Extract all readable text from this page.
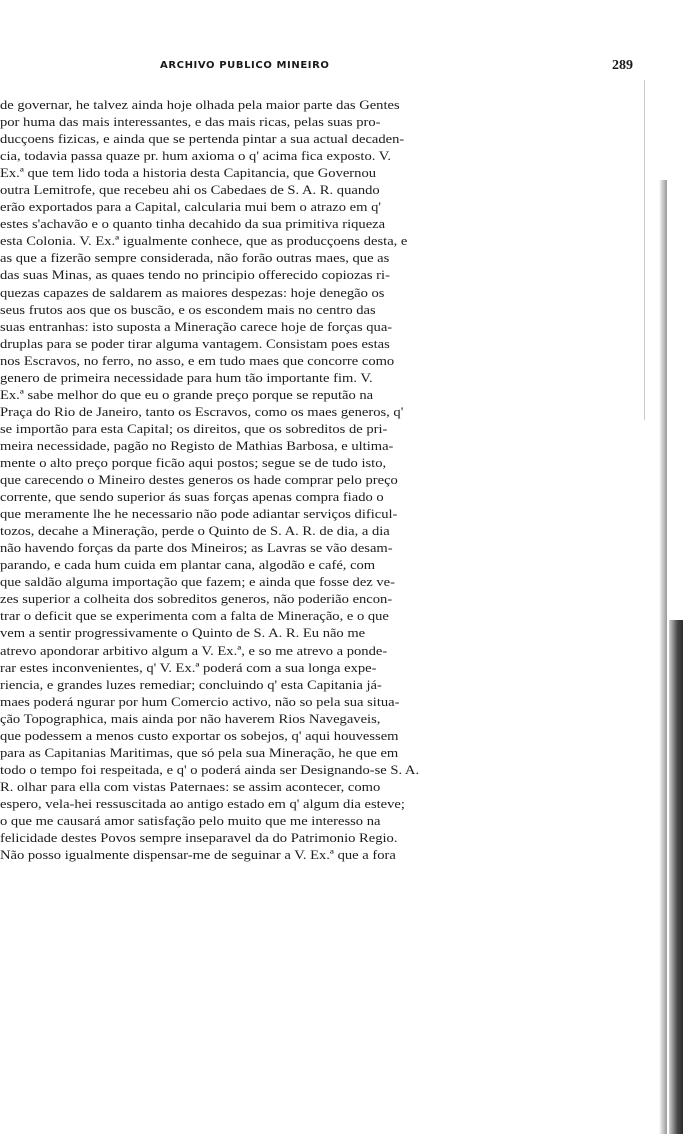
ARCHIVO PUBLICO MINEIRO	289
de governar, he talvez ainda hoje olhada pela maior parte das Gentes
por huma das mais interessantes, e das mais ricas, pelas suas pro-
ducçoens fizicas, e ainda que se pertenda pintar a sua actual decaden-
cia, todavia passa quaze pr. hum axioma o q' acima fica exposto. V.
Ex.ª que tem lido toda a historia desta Capitancia, que Governou
outra Lemitrofe, que recebeu ahi os Cabedaes de S. A. R. quando
erão exportados para a Capital, calcularia mui bem o atrazo em q'
estes s'achavão e o quanto tinha decahido da sua primitiva riqueza
esta Colonia. V. Ex.ª igualmente conhece, que as producçoens desta, e
as que a fizerão sempre considerada, não forão outras maes, que as
das suas Minas, as quaes tendo no principio offerecido copiozas ri-
quezas capazes de saldarem as maiores despezas: hoje denegão os
seus frutos aos que os buscão, e os escondem mais no centro das
suas entranhas: isto suposta a Mineração carece hoje de forças qua-
druplas para se poder tirar alguma vantagem. Consistam poes estas
nos Escravos, no ferro, no asso, e em tudo maes que concorre como
genero de primeira necessidade para hum tão importante fim. V.
Ex.ª sabe melhor do que eu o grande preço porque se reputão na
Praça do Rio de Janeiro, tanto os Escravos, como os maes generos, q'
se importão para esta Capital; os direitos, que os sobreditos de pri-
meira necessidade, pagão no Registo de Mathias Barbosa, e ultima-
mente o alto preço porque ficão aqui postos; segue se de tudo isto,
que carecendo o Mineiro destes generos os hade comprar pelo preço
corrente, que sendo superior ás suas forças apenas compra fiado o
que meramente lhe he necessario não pode adiantar serviços dificul-
tozos, decahe a Mineração, perde o Quinto de S. A. R. de dia, a dia
não havendo forças da parte dos Mineiros; as Lavras se vão desam-
parando, e cada hum cuida em plantar cana, algodão e café, com
que saldão alguma importação que fazem; e ainda que fosse dez ve-
zes superior a colheita dos sobreditos generos, não poderião encon-
trar o deficit que se experimenta com a falta de Mineração, e o que
vem a sentir progressivamente o Quinto de S. A. R. Eu não me
atrevo apondorar arbitivo algum a V. Ex.ª, e so me atrevo a ponde-
rar estes inconvenientes, q' V. Ex.ª poderá com a sua longa expe-
riencia, e grandes luzes remediar; concluindo q' esta Capitania já-
maes poderá ngurar por hum Comercio activo, não so pela sua situa-
ção Topographica, mais ainda por não haverem Rios Navegaveis,
que podessem a menos custo exportar os sobejos, q' aqui houvessem
para as Capitanias Maritimas, que só pela sua Mineração, he que em
todo o tempo foi respeitada, e q' o poderá ainda ser Designando-se S. A.
R. olhar para ella com vistas Paternaes: se assim acontecer, como
espero, vela-hei ressuscitada ao antigo estado em q' algum dia esteve;
o que me causará amor satisfação pelo muito que me interesso na
felicidade destes Povos sempre inseparavel da do Patrimonio Regio.
Não posso igualmente dispensar-me de seguinar a V. Ex.ª que a fora
